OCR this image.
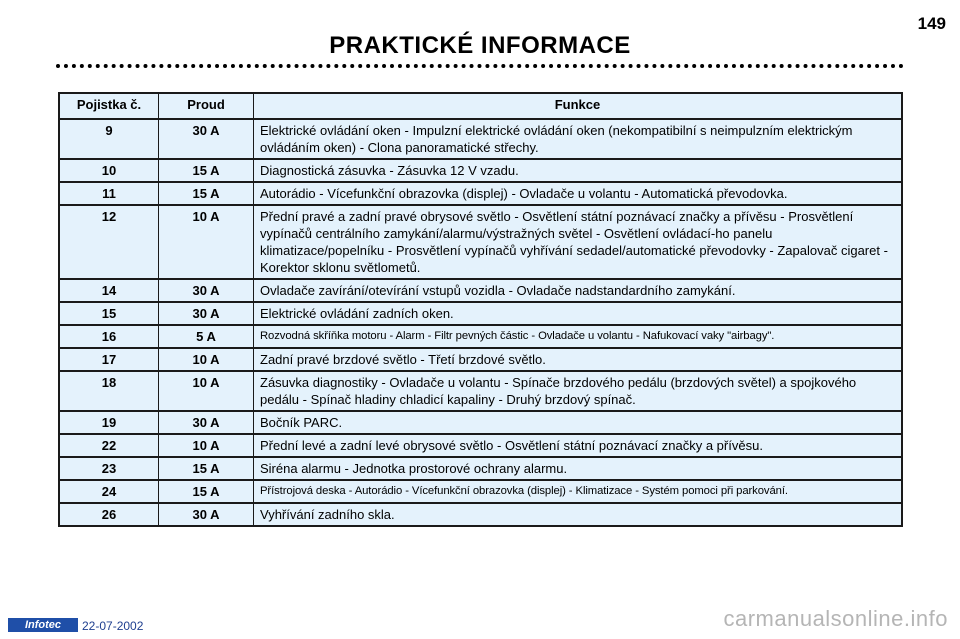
149
PRAKTICKÉ INFORMACE
Pojistka č.	Proud	Funkce
9	30 A	Elektrické ovládání oken - Impulzní elektrické ovládání oken (nekompatibilní s neimpulzním elektrickým ovládáním oken) - Clona panoramatické střechy.
10	15 A	Diagnostická zásuvka - Zásuvka 12 V vzadu.
11	15 A	Autorádio - Vícefunkční obrazovka (displej) - Ovladače u volantu - Automatická převodovka.
12	10 A	Přední pravé a zadní pravé obrysové světlo - Osvětlení státní poznávací značky a přívěsu - Prosvětlení vypínačů centrálního zamykání/alarmu/výstražných světel - Osvětlení ovládací-ho panelu klimatizace/popelníku - Prosvětlení vypínačů vyhřívání sedadel/automatické převodovky - Zapalovač cigaret - Korektor sklonu světlometů.
14	30 A	Ovladače zavírání/otevírání vstupů vozidla - Ovladače nadstandardního zamykání.
15	30 A	Elektrické ovládání zadních oken.
16	5 A	Rozvodná skříňka motoru - Alarm - Filtr pevných částic - Ovladače u volantu - Nafukovací vaky "airbagy".
17	10 A	Zadní pravé brzdové světlo - Třetí brzdové světlo.
18	10 A	Zásuvka diagnostiky - Ovladače u volantu - Spínače brzdového pedálu (brzdových světel) a spojkového pedálu - Spínač hladiny chladicí kapaliny - Druhý brzdový spínač.
19	30 A	Bočník PARC.
22	10 A	Přední levé a zadní levé obrysové světlo - Osvětlení státní poznávací značky a přívěsu.
23	15 A	Siréna alarmu - Jednotka prostorové ochrany alarmu.
24	15 A	Přístrojová deska - Autorádio - Vícefunkční obrazovka (displej) - Klimatizace - Systém pomoci při parkování.
26	30 A	Vyhřívání zadního skla.
Infotec	22-07-2002	carmanualsonline.info
